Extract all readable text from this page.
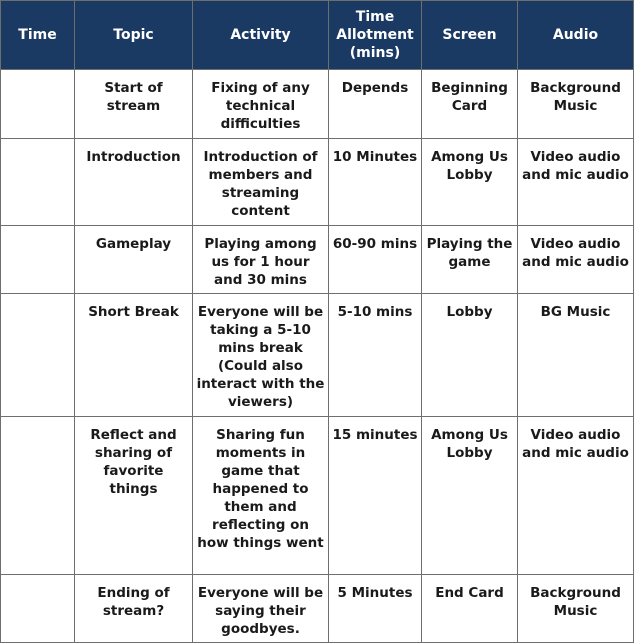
Time	Topic	Activity	Time Allotment (mins)	Screen	Audio
	Start of stream	Fixing of any technical difficulties	Depends	Beginning Card	Background Music
	Introduction	Introduction of members and streaming content	10 Minutes	Among Us Lobby	Video audio and mic audio
	Gameplay	Playing among us for 1 hour and 30 mins	60-90 mins	Playing the game	Video audio and mic audio
	Short Break	Everyone will be taking a 5-10 mins break (Could also interact with the viewers)	5-10 mins	Lobby	BG Music
	Reflect and sharing of favorite things	Sharing fun moments in game that happened to them and reflecting on how things went	15 minutes	Among Us Lobby	Video audio and mic audio
	Ending of stream?	Everyone will be saying their goodbyes.	5 Minutes	End Card	Background Music
